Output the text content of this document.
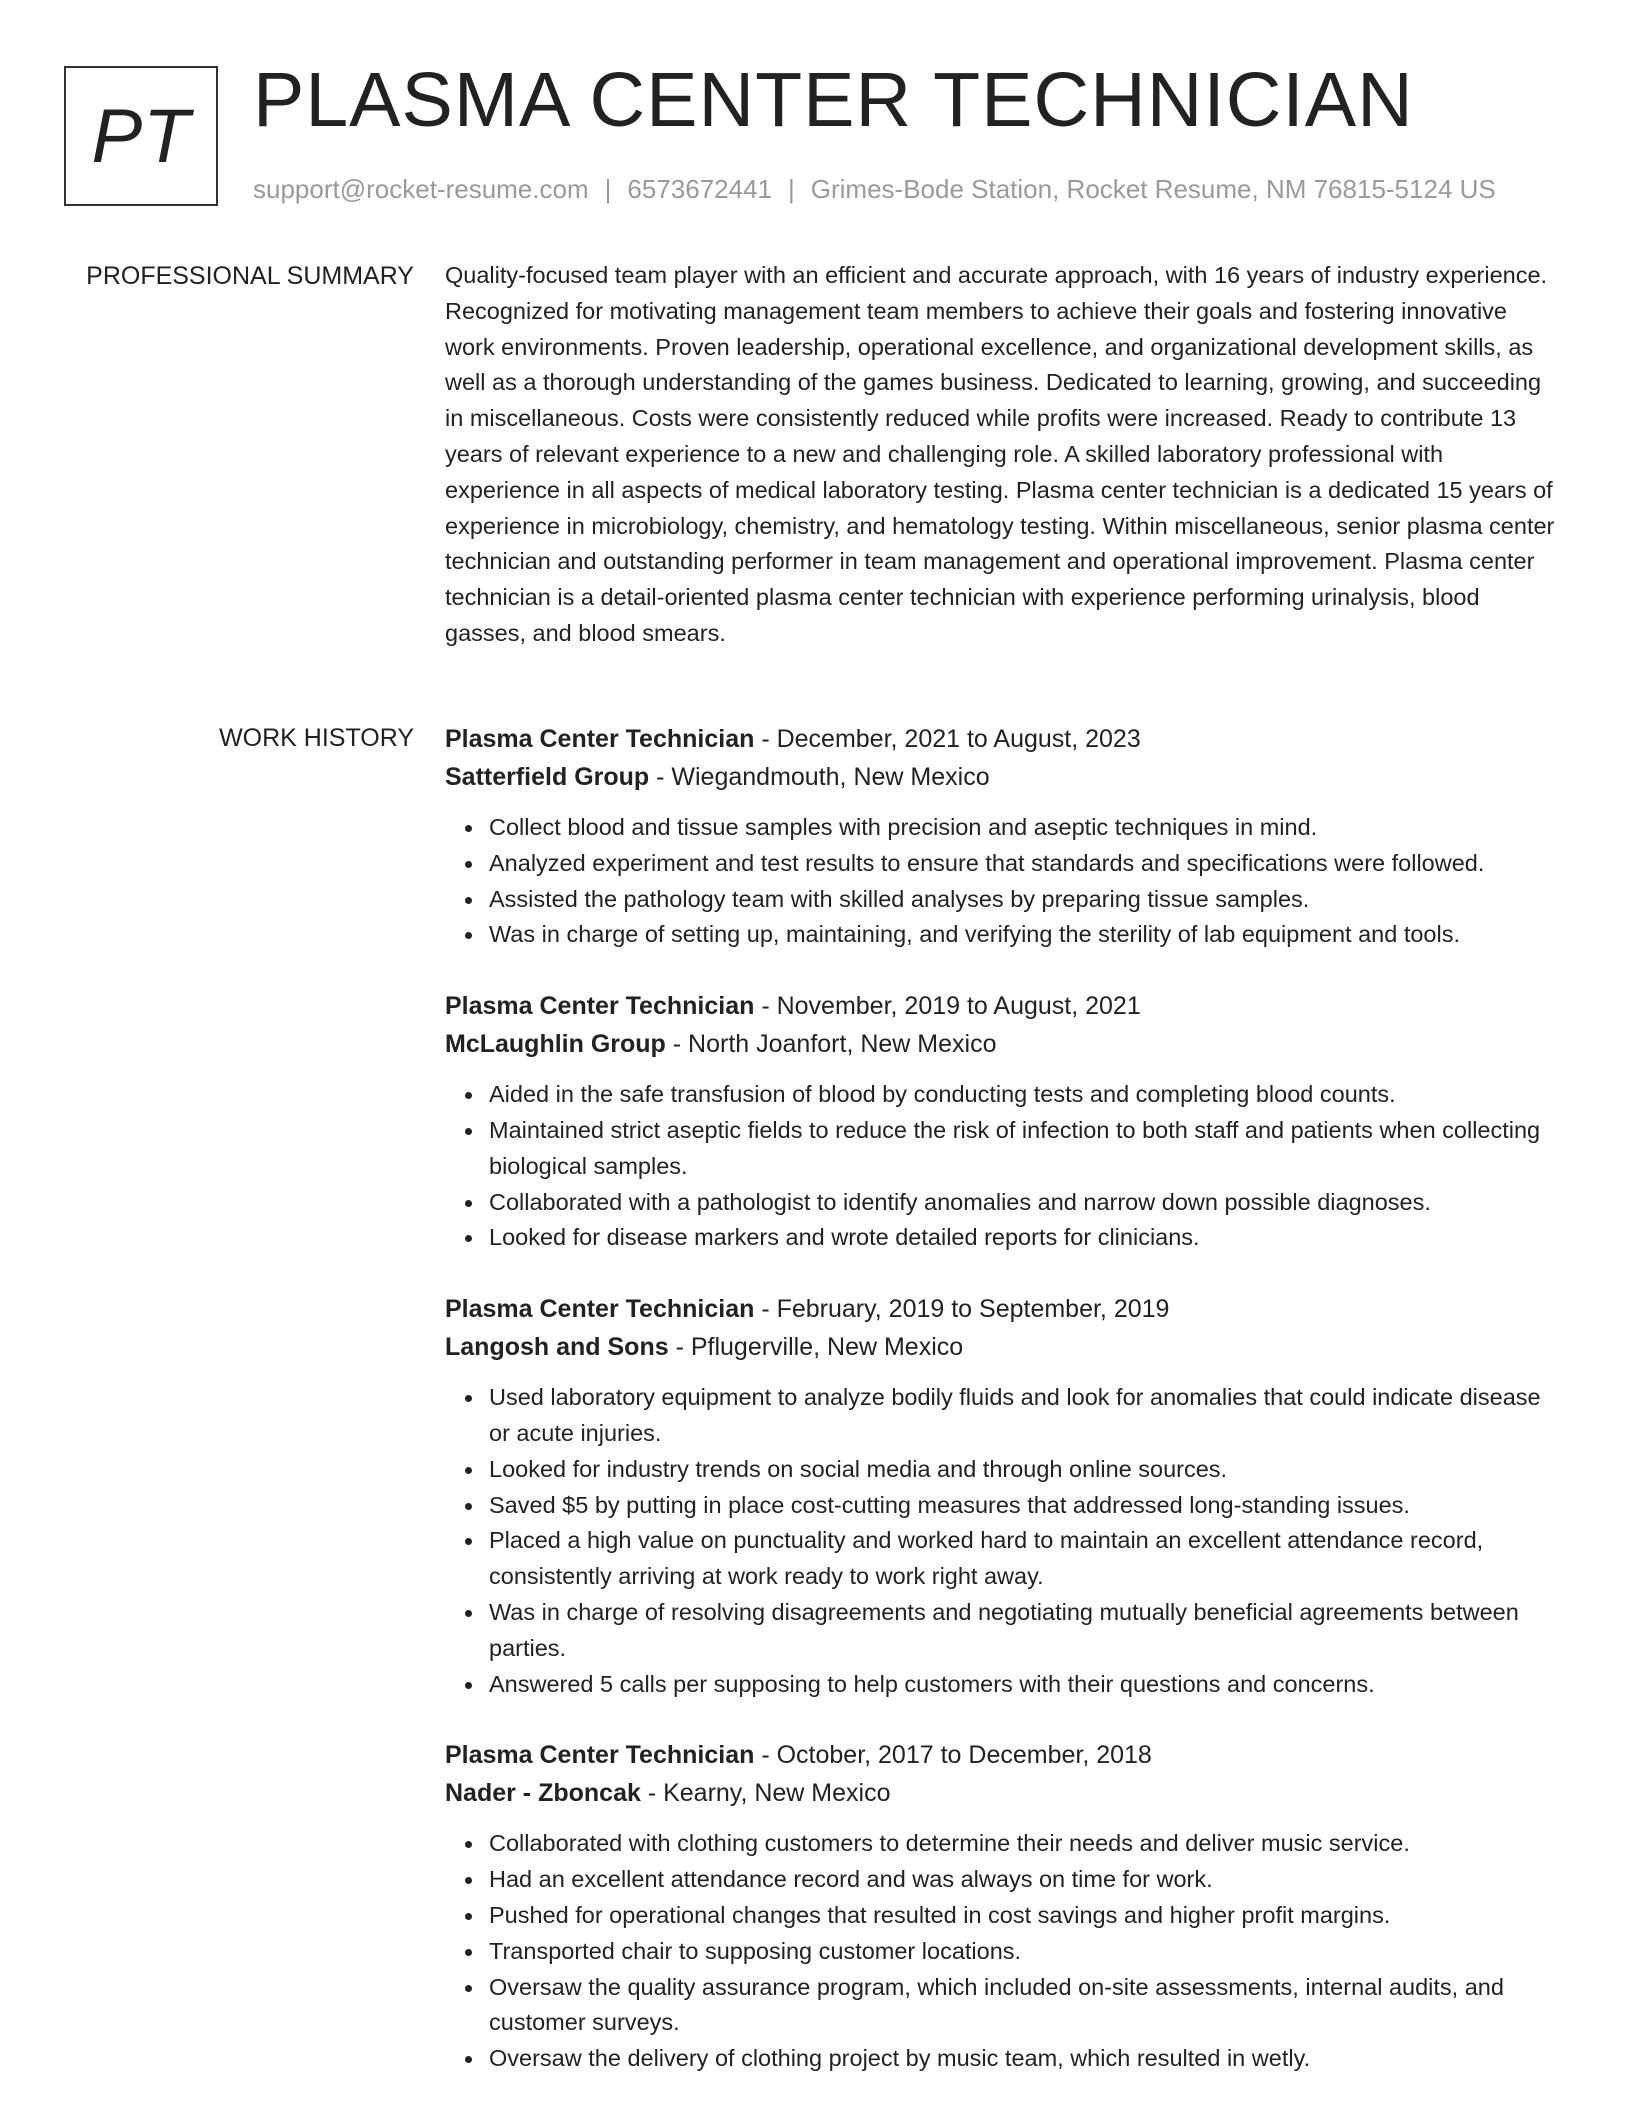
PT PLASMA CENTER TECHNICIAN
support@rocket-resume.com | 6573672441 | Grimes-Bode Station, Rocket Resume, NM 76815-5124 US
PROFESSIONAL SUMMARY Quality-focused team player with an efficient and accurate approach, with 16 years of industry experience. Recognized for motivating management team members to achieve their goals and fostering innovative work environments. Proven leadership, operational excellence, and organizational development skills, as well as a thorough understanding of the games business. Dedicated to learning, growing, and succeeding in miscellaneous. Costs were consistently reduced while profits were increased. Ready to contribute 13 years of relevant experience to a new and challenging role. A skilled laboratory professional with experience in all aspects of medical laboratory testing. Plasma center technician is a dedicated 15 years of experience in microbiology, chemistry, and hematology testing. Within miscellaneous, senior plasma center technician and outstanding performer in team management and operational improvement. Plasma center technician is a detail-oriented plasma center technician with experience performing urinalysis, blood gasses, and blood smears.

WORK HISTORY Plasma Center Technician - December, 2021 to August, 2023
Satterfield Group - Wiegandmouth, New Mexico
Collect blood and tissue samples with precision and aseptic techniques in mind.
Analyzed experiment and test results to ensure that standards and specifications were followed.
Assisted the pathology team with skilled analyses by preparing tissue samples.
Was in charge of setting up, maintaining, and verifying the sterility of lab equipment and tools.
Plasma Center Technician - November, 2019 to August, 2021
McLaughlin Group - North Joanfort, New Mexico
Aided in the safe transfusion of blood by conducting tests and completing blood counts.
Maintained strict aseptic fields to reduce the risk of infection to both staff and patients when collecting biological samples.
Collaborated with a pathologist to identify anomalies and narrow down possible diagnoses.
Looked for disease markers and wrote detailed reports for clinicians.
Plasma Center Technician - February, 2019 to September, 2019
Langosh and Sons - Pflugerville, New Mexico
Used laboratory equipment to analyze bodily fluids and look for anomalies that could indicate disease or acute injuries.
Looked for industry trends on social media and through online sources.
Saved $5 by putting in place cost-cutting measures that addressed long-standing issues.
Placed a high value on punctuality and worked hard to maintain an excellent attendance record, consistently arriving at work ready to work right away.
Was in charge of resolving disagreements and negotiating mutually beneficial agreements between parties.
Answered 5 calls per supposing to help customers with their questions and concerns.
Plasma Center Technician - October, 2017 to December, 2018
Nader - Zboncak - Kearny, New Mexico
Collaborated with clothing customers to determine their needs and deliver music service.
Had an excellent attendance record and was always on time for work.
Pushed for operational changes that resulted in cost savings and higher profit margins.
Transported chair to supposing customer locations.
Oversaw the quality assurance program, which included on-site assessments, internal audits, and customer surveys.
Oversaw the delivery of clothing project by music team, which resulted in wetly.
